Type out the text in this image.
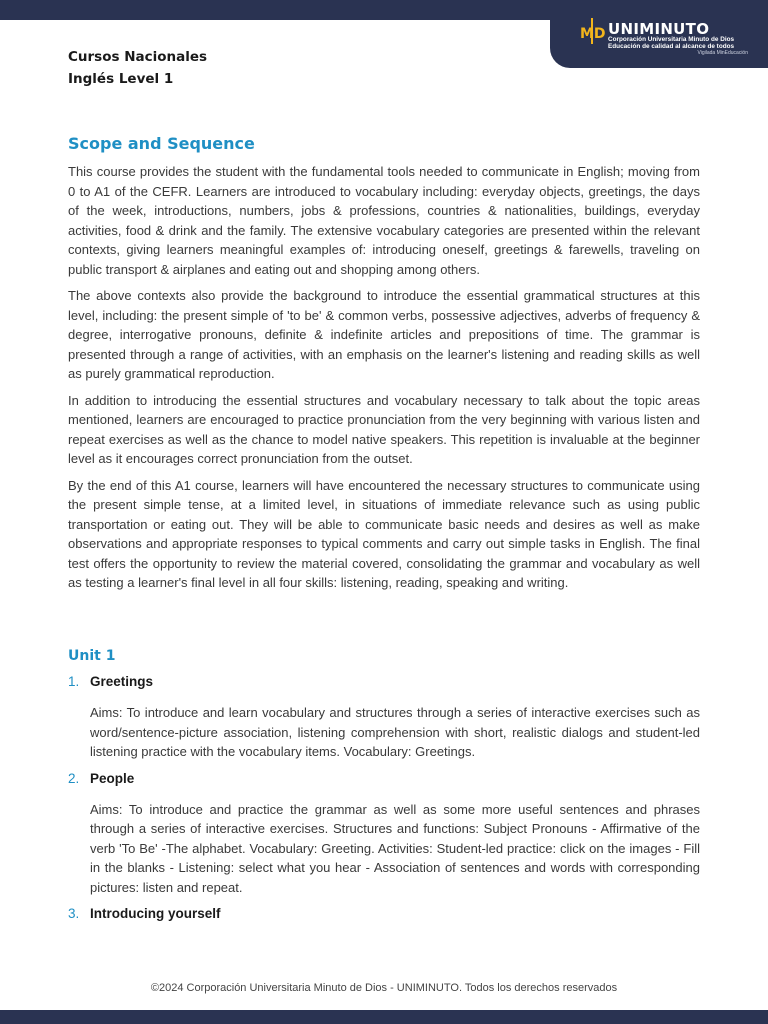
MD UNIMINUTO
Corporación Universitaria Minuto de Dios
Educación de calidad al alcance de todos
Vigilada MinEducación
Cursos Nacionales
Inglés Level 1
Scope and Sequence

This course provides the student with the fundamental tools needed to communicate in English; moving from 0 to A1 of the CEFR. Learners are introduced to vocabulary including: everyday objects, greetings, the days of the week, introductions, numbers, jobs & professions, countries & nationalities, buildings, everyday activities, food & drink and the family. The extensive vocabulary categories are presented within the relevant contexts, giving learners meaningful examples of: introducing oneself, greetings & farewells, traveling on public transport & airplanes and eating out and shopping among others.

The above contexts also provide the background to introduce the essential grammatical structures at this level, including: the present simple of 'to be' & common verbs, possessive adjectives, adverbs of frequency & degree, interrogative pronouns, definite & indefinite articles and prepositions of time. The grammar is presented through a range of activities, with an emphasis on the learner's listening and reading skills as well as purely grammatical reproduction.

In addition to introducing the essential structures and vocabulary necessary to talk about the topic areas mentioned, learners are encouraged to practice pronunciation from the very beginning with various listen and repeat exercises as well as the chance to model native speakers. This repetition is invaluable at the beginner level as it encourages correct pronunciation from the outset.

By the end of this A1 course, learners will have encountered the necessary structures to communicate using the present simple tense, at a limited level, in situations of immediate relevance such as using public transportation or eating out. They will be able to communicate basic needs and desires as well as make observations and appropriate responses to typical comments and carry out simple tasks in English. The final test offers the opportunity to review the material covered, consolidating the grammar and vocabulary as well as testing a learner's final level in all four skills: listening, reading, speaking and writing.

Unit 1
1. Greetings

Aims: To introduce and learn vocabulary and structures through a series of interactive exercises such as word/sentence-picture association, listening comprehension with short, realistic dialogs and student-led listening practice with the vocabulary items. Vocabulary: Greetings.

2. People

Aims: To introduce and practice the grammar as well as some more useful sentences and phrases through a series of interactive exercises. Structures and functions: Subject Pronouns - Affirmative of the verb 'To Be' -The alphabet. Vocabulary: Greeting. Activities: Student-led practice: click on the images - Fill in the blanks - Listening: select what you hear - Association of sentences and words with corresponding pictures: listen and repeat.

3. Introducing yourself
©2024 Corporación Universitaria Minuto de Dios - UNIMINUTO. Todos los derechos reservados
